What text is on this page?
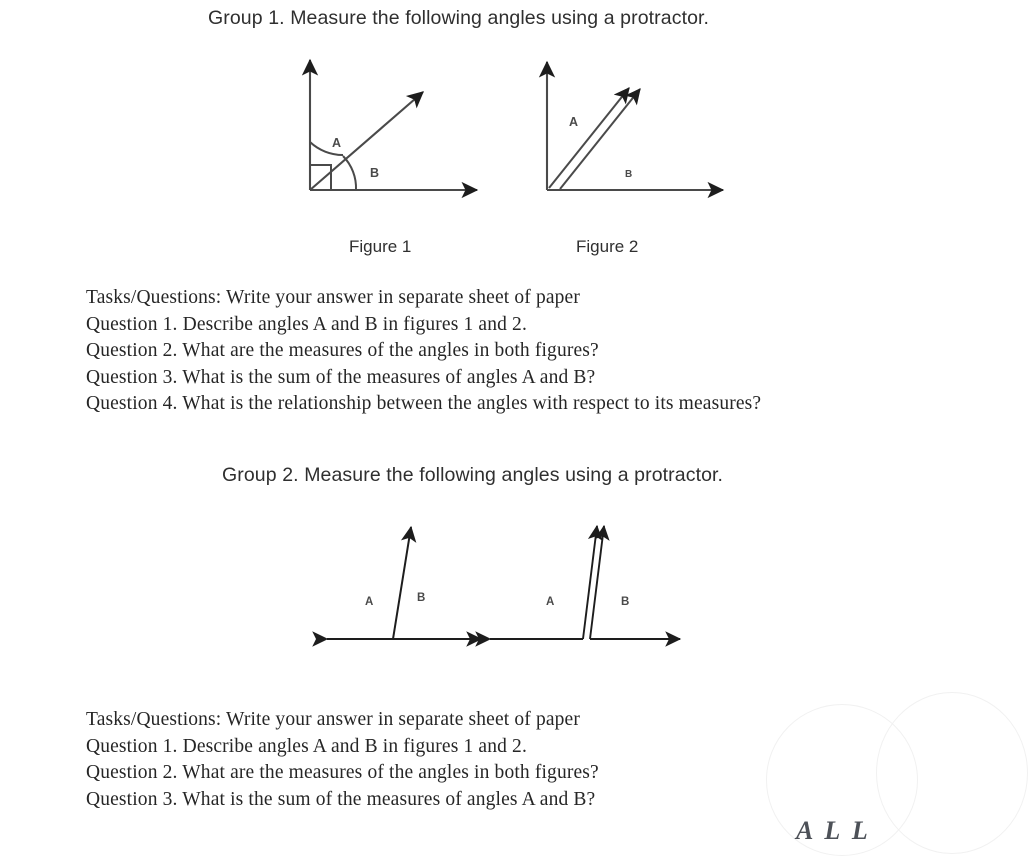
Group 1. Measure the following angles using a protractor.
A
B
A
B
Figure 1	Figure 2
Tasks/Questions: Write your answer in separate sheet of paper
Question 1. Describe angles A and B in figures 1 and 2.
Question 2. What are the measures of the angles in both figures?
Question 3. What is the sum of the measures of angles A and B?
Question 4. What is the relationship between the angles with respect to its measures?
Group 2. Measure the following angles using a protractor.
A	B	A	B
Tasks/Questions: Write your answer in separate sheet of paper
Question 1. Describe angles A and B in figures 1 and 2.
Question 2. What are the measures of the angles in both figures?
Question 3. What is the sum of the measures of angles A and B?
A L L
